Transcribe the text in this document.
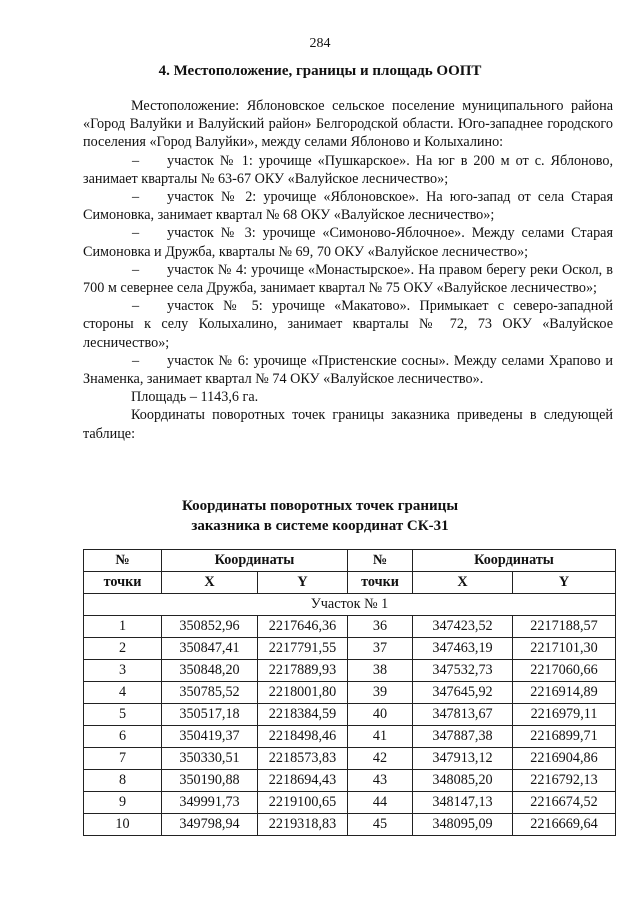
284
4. Местоположение, границы и площадь ООПТ

Местоположение: Яблоновское сельское поселение муниципального района «Город Валуйки и Валуйский район» Белгородской области. Юго-западнее городского поселения «Город Валуйки», между селами Яблоново и Колыхалино:

– участок № 1: урочище «Пушкарское». На юг в 200 м от с. Яблоново, занимает кварталы № 63-67 ОКУ «Валуйское лесничество»;

– участок № 2: урочище «Яблоновское». На юго-запад от села Старая Симоновка, занимает квартал № 68 ОКУ «Валуйское лесничество»;

– участок № 3: урочище «Симоново-Яблочное». Между селами Старая Симоновка и Дружба, кварталы № 69, 70 ОКУ «Валуйское лесничество»;

– участок № 4: урочище «Монастырское». На правом берегу реки Оскол, в 700 м севернее села Дружба, занимает квартал № 75 ОКУ «Валуйское лесничество»;

– участок № 5: урочище «Макатово». Примыкает с северо-западной стороны к селу Колыхалино, занимает кварталы № 72, 73 ОКУ «Валуйское лесничество»;

– участок № 6: урочище «Пристенские сосны». Между селами Храпово и Знаменка, занимает квартал № 74 ОКУ «Валуйское лесничество».

Площадь – 1143,6 га.

Координаты поворотных точек границы заказника приведены в следующей таблице:

Координаты поворотных точек границы
заказника в системе координат СК-31
№	Координаты		№	Координаты	
точки	X	Y	точки	X	Y
Участок № 1					
1	350852,96	2217646,36	36	347423,52	2217188,57
2	350847,41	2217791,55	37	347463,19	2217101,30
3	350848,20	2217889,93	38	347532,73	2217060,66
4	350785,52	2218001,80	39	347645,92	2216914,89
5	350517,18	2218384,59	40	347813,67	2216979,11
6	350419,37	2218498,46	41	347887,38	2216899,71
7	350330,51	2218573,83	42	347913,12	2216904,86
8	350190,88	2218694,43	43	348085,20	2216792,13
9	349991,73	2219100,65	44	348147,13	2216674,52
10	349798,94	2219318,83	45	348095,09	2216669,64
